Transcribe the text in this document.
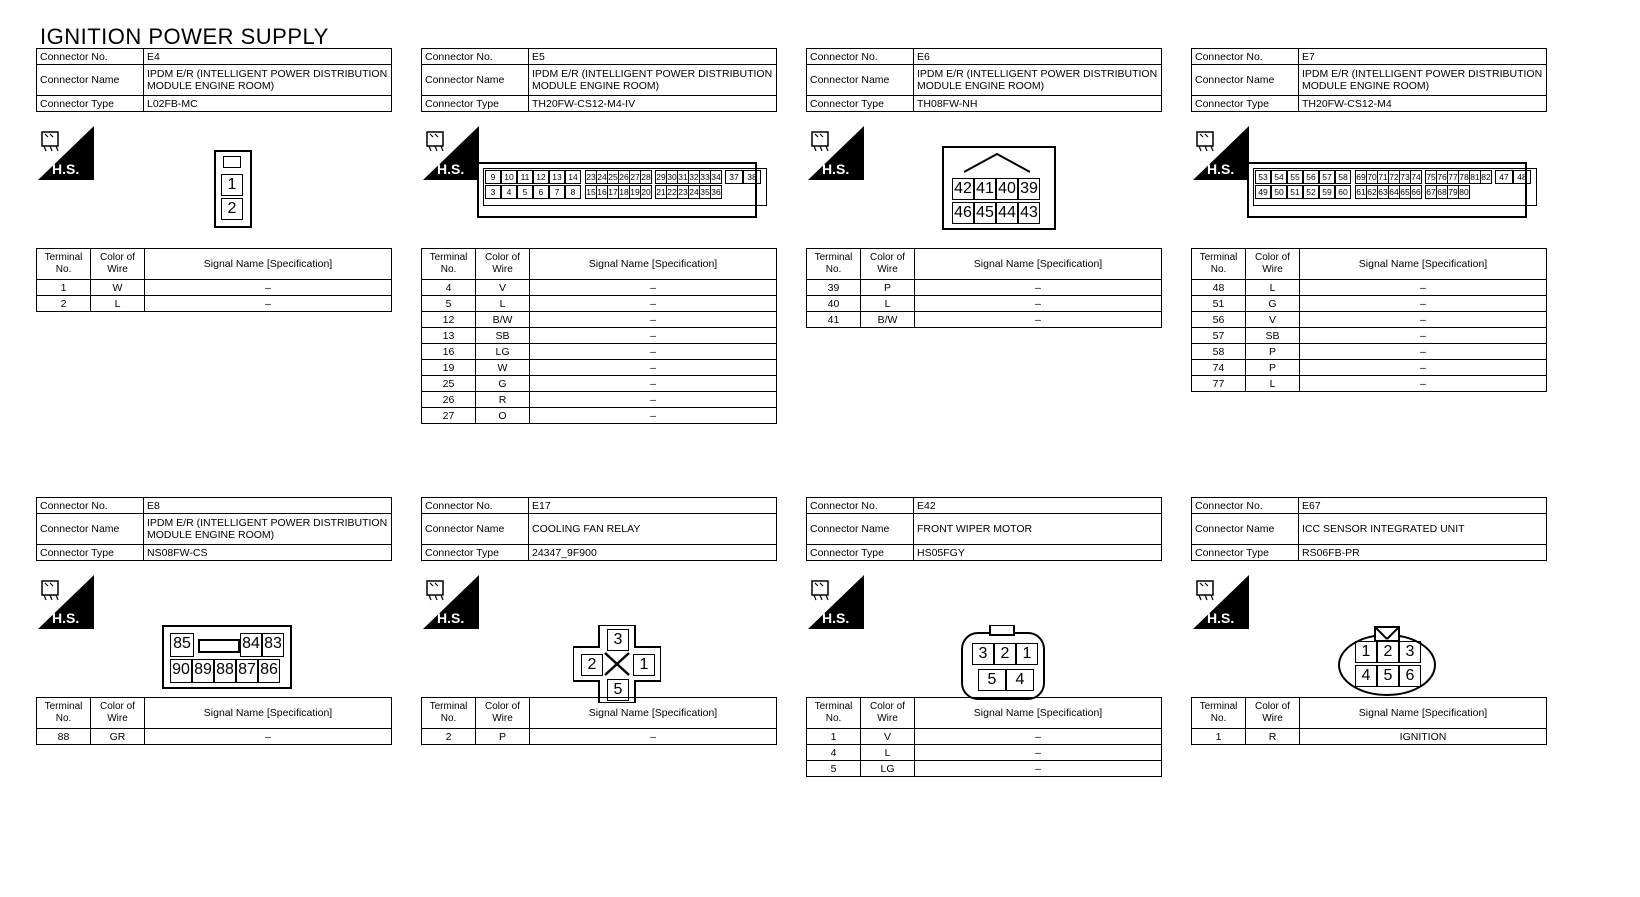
IGNITION POWER SUPPLY
Connector No.	E4
Connector Name	IPDM E/R (INTELLIGENT POWER DISTRIBUTION MODULE ENGINE ROOM)
Connector Type	L02FB-MC
H.S.
1
2
Terminal No.	Color of Wire	Signal Name [Specification]
1	W	–
2	L	–
Connector No.	E5
Connector Name	IPDM E/R (INTELLIGENT POWER DISTRIBUTION MODULE ENGINE ROOM)
Connector Type	TH20FW-CS12-M4-IV
H.S.	9	10 11 12 13 14	23 24 25 26 27 28 29 30 31 32 33 34	37	38
3	4	5	6	7	8	15 16 17 18 19 20 21 22 23 24 35 36
Terminal No.	Color of Wire	Signal Name [Specification]
4	V	–
5	L	–
12	B/W	–
13	SB	–
16	LG	–
19	W	–
25	G	–
26	R	–
27	O	–
Connector No.	E6
Connector Name	IPDM E/R (INTELLIGENT POWER DISTRIBUTION MODULE ENGINE ROOM)
Connector Type	TH08FW-NH
H.S.
42 41 40 39
46 45 44 43
Terminal No.	Color of Wire	Signal Name [Specification]
39	P	–
40	L	–
41	B/W	–
Connector No.	E7
Connector Name	IPDM E/R (INTELLIGENT POWER DISTRIBUTION MODULE ENGINE ROOM)
Connector Type	TH20FW-CS12-M4
H.S.	53 54 55 56 57 58	69 70 71 72 73 74 75 76 77 78 81 82	47	48
49 50 51 52 59 60	61 62 63 64 65 66 67 68 79 80
Terminal No.	Color of Wire	Signal Name [Specification]
48	L	–
51	G	–
56	V	–
57	SB	–
58	P	–
74	P	–
77	L	–
Connector No.	E8
Connector Name	IPDM E/R (INTELLIGENT POWER DISTRIBUTION MODULE ENGINE ROOM)
Connector Type	NS08FW-CS
H.S.
85	84 83
90 89 88 87 86
Terminal No.	Color of Wire	Signal Name [Specification]
88	GR	–
Connector No.	E17
Connector Name	COOLING FAN RELAY
Connector Type	24347_9F900
H.S.
3
2	1
5
Terminal No.	Color of Wire	Signal Name [Specification]
2	P	–
Connector No.	E42
Connector Name	FRONT WIPER MOTOR
Connector Type	HS05FGY
H.S.
3 2 1
5	4
Terminal No.	Color of Wire	Signal Name [Specification]
1	V	–
4	L	–
5	LG	–
Connector No.	E67
Connector Name	ICC SENSOR INTEGRATED UNIT
Connector Type	RS06FB-PR
H.S.
1 2 3
4 5 6
Terminal No.	Color of Wire	Signal Name [Specification]
1	R	IGNITION
